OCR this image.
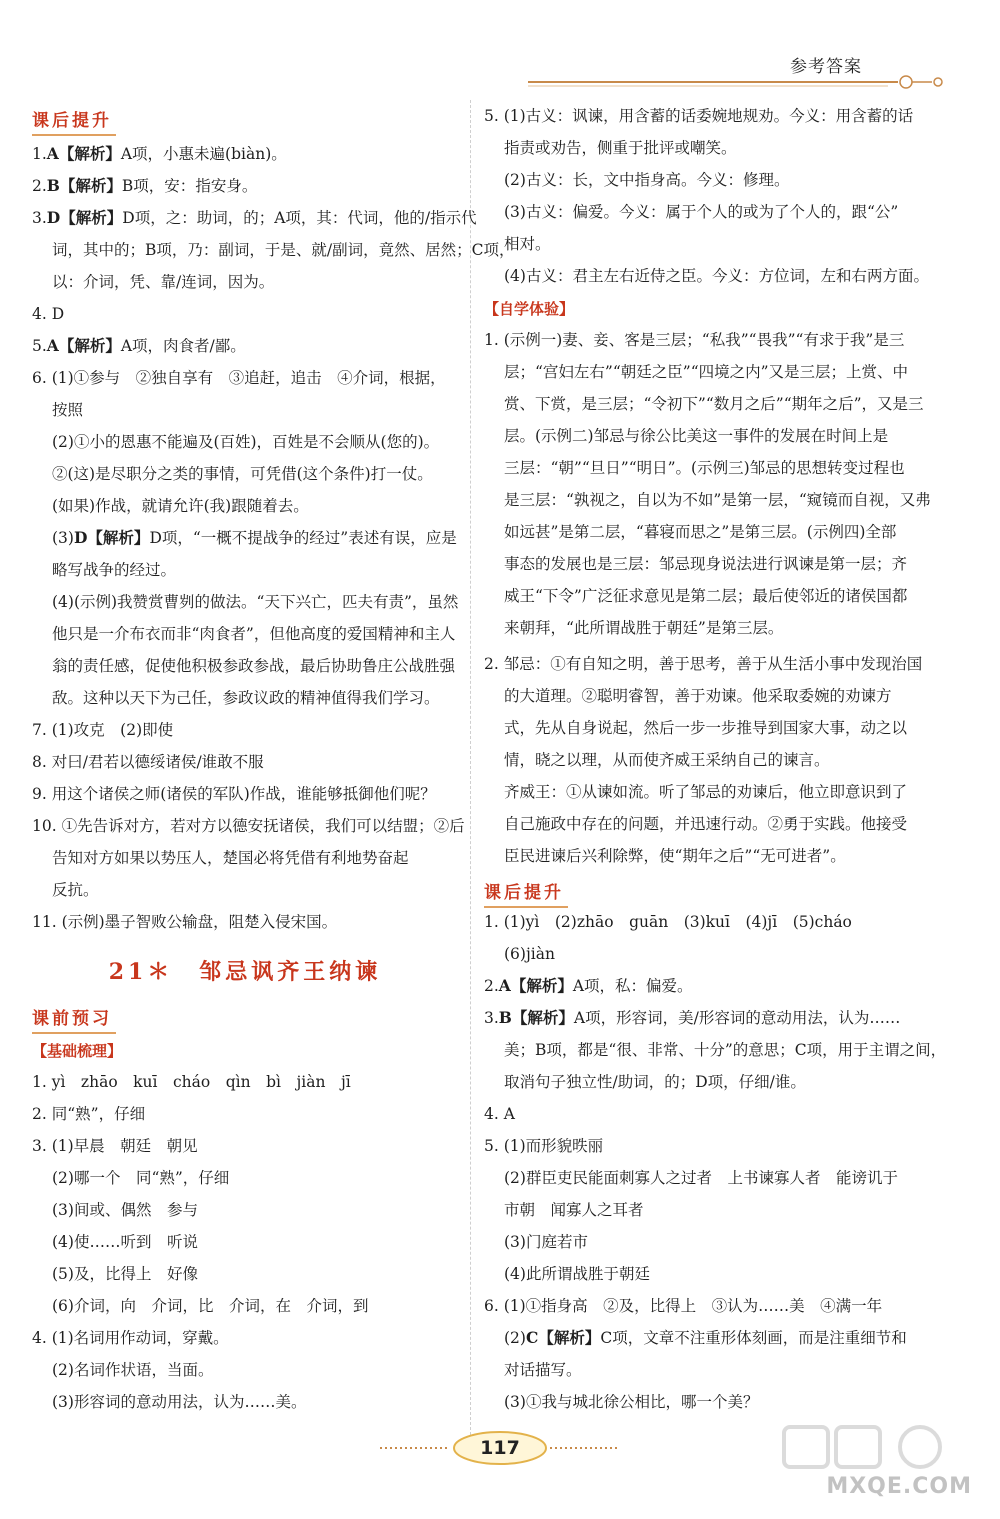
参考答案
课后提升
1.A【解析】A项，小惠未遍(biàn)。
2.B【解析】B项，安：指安身。
3.D【解析】D项，之：助词，的；A项，其：代词，他的/指示代
词，其中的；B项，乃：副词，于是、就/副词，竟然、居然；C项，
以：介词，凭、靠/连词，因为。
4. D
5.A【解析】A项，肉食者/鄙。
6. (1)①参与　②独自享有　③追赶，追击　④介词，根据，
按照
(2)①小的恩惠不能遍及(百姓)，百姓是不会顺从(您的)。
②(这)是尽职分之类的事情，可凭借(这个条件)打一仗。
(如果)作战，就请允许(我)跟随着去。
(3)D【解析】D项，“一概不提战争的经过”表述有误，应是
略写战争的经过。
(4)(示例)我赞赏曹刿的做法。“天下兴亡，匹夫有责”，虽然
他只是一介布衣而非“肉食者”，但他高度的爱国精神和主人
翁的责任感，促使他积极参政参战，最后协助鲁庄公战胜强
敌。这种以天下为己任，参政议政的精神值得我们学习。
7. (1)攻克　(2)即使
8. 对曰/君若以德绥诸侯/谁敢不服
9. 用这个诸侯之师(诸侯的军队)作战，谁能够抵御他们呢？
10. ①先告诉对方，若对方以德安抚诸侯，我们可以结盟；②后
告知对方如果以势压人，楚国必将凭借有利地势奋起
反抗。
11. (示例)墨子智败公输盘，阻楚入侵宋国。
21＊　邹忌讽齐王纳谏
课前预习
【基础梳理】
1. yì　zhāo　kuī　cháo　qìn　bì　jiàn　jī
2. 同“熟”，仔细
3. (1)早晨　朝廷　朝见
(2)哪一个　同“熟”，仔细
(3)间或、偶然　参与
(4)使……听到　听说
(5)及，比得上　好像
(6)介词，向　介词，比　介词，在　介词，到
4. (1)名词用作动词，穿戴。
(2)名词作状语，当面。
(3)形容词的意动用法，认为……美。
5. (1)古义：讽谏，用含蓄的话委婉地规劝。今义：用含蓄的话
指责或劝告，侧重于批评或嘲笑。
(2)古义：长，文中指身高。今义：修理。
(3)古义：偏爱。今义：属于个人的或为了个人的，跟“公”
相对。
(4)古义：君主左右近侍之臣。今义：方位词，左和右两方面。
【自学体验】
1. (示例一)妻、妾、客是三层；“私我”“畏我”“有求于我”是三
层；“宫妇左右”“朝廷之臣”“四境之内”又是三层；上赏、中
赏、下赏，是三层；“令初下”“数月之后”“期年之后”，又是三
层。(示例二)邹忌与徐公比美这一事件的发展在时间上是
三层：“朝”“旦日”“明日”。(示例三)邹忌的思想转变过程也
是三层：“孰视之，自以为不如”是第一层，“窥镜而自视，又弗
如远甚”是第二层，“暮寝而思之”是第三层。(示例四)全部
事态的发展也是三层：邹忌现身说法进行讽谏是第一层；齐
威王“下令”广泛征求意见是第二层；最后使邻近的诸侯国都
来朝拜，“此所谓战胜于朝廷”是第三层。
2. 邹忌：①有自知之明，善于思考，善于从生活小事中发现治国
的大道理。②聪明睿智，善于劝谏。他采取委婉的劝谏方
式，先从自身说起，然后一步一步推导到国家大事，动之以
情，晓之以理，从而使齐威王采纳自己的谏言。
齐威王：①从谏如流。听了邹忌的劝谏后，他立即意识到了
自己施政中存在的问题，并迅速行动。②勇于实践。他接受
臣民进谏后兴利除弊，使“期年之后”“无可进者”。
课后提升
1. (1)yì　(2)zhāo　guān　(3)kuī　(4)jī　(5)cháo
(6)jiàn
2.A【解析】A项，私：偏爱。
3.B【解析】A项，形容词，美/形容词的意动用法，认为……
美；B项，都是“很、非常、十分”的意思；C项，用于主谓之间，
取消句子独立性/助词，的；D项，仔细/谁。
4. A
5. (1)而形貌昳丽
(2)群臣吏民能面刺寡人之过者　上书谏寡人者　能谤讥于
市朝　闻寡人之耳者
(3)门庭若市
(4)此所谓战胜于朝廷
6. (1)①指身高　②及，比得上　③认为……美　④满一年
(2)C【解析】C项，文章不注重形体刻画，而是注重细节和
对话描写。
(3)①我与城北徐公相比，哪一个美？
117
MXQE.COM
